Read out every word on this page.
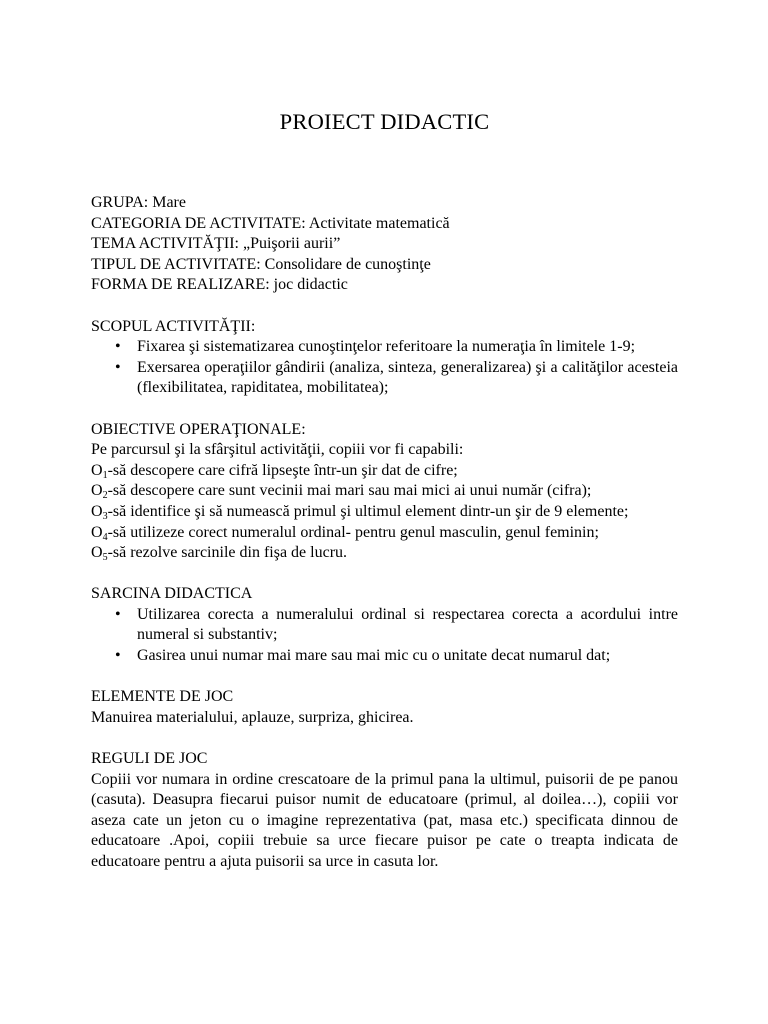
PROIECT DIDACTIC

GRUPA: Mare

CATEGORIA DE ACTIVITATE: Activitate matematică

TEMA ACTIVITĂŢII: „Puişorii aurii”

TIPUL DE ACTIVITATE: Consolidare de cunoştinţe

FORMA DE REALIZARE: joc didactic

SCOPUL ACTIVITĂŢII:

• Fixarea şi sistematizarea cunoştinţelor referitoare la numeraţia în limitele 1-9;
• Exersarea operaţiilor gândirii (analiza, sinteza, generalizarea) şi a calităţilor acesteia (flexibilitatea, rapiditatea, mobilitatea);

OBIECTIVE OPERAŢIONALE:

Pe parcursul şi la sfârşitul activităţii, copiii vor fi capabili:

$O_1-să$ descopere care cifră lipseşte într-un şir dat de cifre;

$O_2-să$ descopere care sunt vecinii mai mari sau mai mici ai unui număr (cifra);

$O_3-să$ identifice şi să numească primul şi ultimul element dintr-un şir de 9 elemente;

$O_4-să$ utilizeze corect numeralul ordinal- pentru genul masculin, genul feminin;

$O_5-să$ rezolve sarcinile din fişa de lucru.

SARCINA DIDACTICA

• Utilizarea corecta a numeralului ordinal si respectarea corecta a acordului intre numeral si substantiv;
• Gasirea unui numar mai mare sau mai mic cu o unitate decat numarul dat;

ELEMENTE DE JOC

Manuirea materialului, aplauze, surpriza, ghicirea.

REGULI DE JOC

Copiii vor numara in ordine crescatoare de la primul pana la ultimul, puisorii de pe panou (casuta). Deasupra fiecarui puisor numit de educatoare (primul, al doilea…), copiii vor aseza cate un jeton cu o imagine reprezentativa (pat, masa etc.) specificata dinnou de educatoare .Apoi, copiii trebuie sa urce fiecare puisor pe cate o treapta indicata de educatoare pentru a ajuta puisorii sa urce in casuta lor.
